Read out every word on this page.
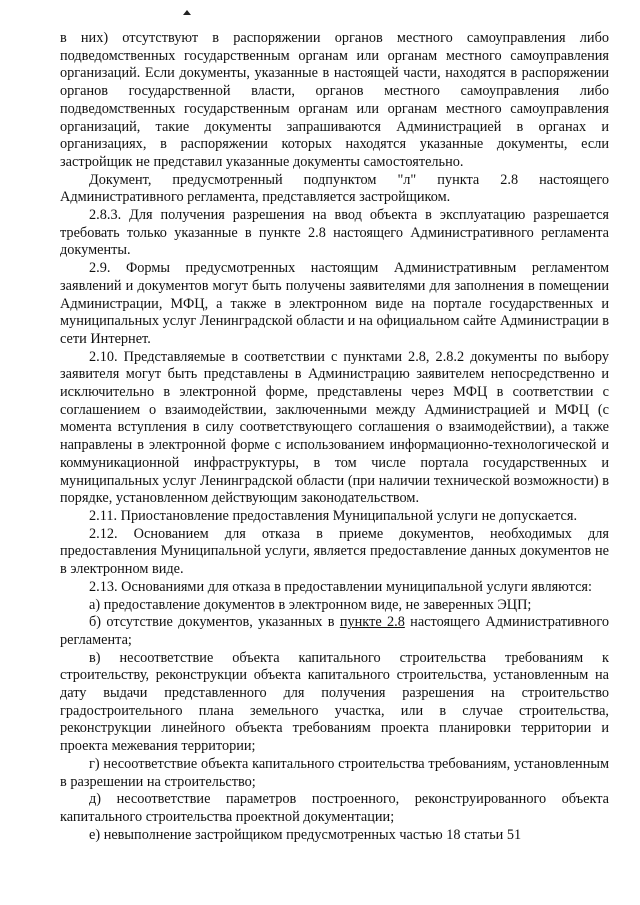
в них) отсутствуют в распоряжении органов местного самоуправления либо подведомственных государственным органам или органам местного самоуправления организаций. Если документы, указанные в настоящей части, находятся в распоряжении органов государственной власти, органов местного самоуправления либо подведомственных государственным органам или органам местного самоуправления организаций, такие документы запрашиваются Администрацией в органах и организациях, в распоряжении которых находятся указанные документы, если застройщик не представил указанные документы самостоятельно.

Документ, предусмотренный подпунктом "л" пункта 2.8 настоящего Административного регламента, представляется застройщиком.

2.8.3. Для получения разрешения на ввод объекта в эксплуатацию разрешается требовать только указанные в пункте 2.8 настоящего Административного регламента документы.

2.9. Формы предусмотренных настоящим Административным регламентом заявлений и документов могут быть получены заявителями для заполнения в помещении Администрации, МФЦ, а также в электронном виде на портале государственных и муниципальных услуг Ленинградской области и на официальном сайте Администрации в сети Интернет.

2.10. Представляемые в соответствии с пунктами 2.8, 2.8.2 документы по выбору заявителя могут быть представлены в Администрацию заявителем непосредственно и исключительно в электронной форме, представлены через МФЦ в соответствии с соглашением о взаимодействии, заключенными между Администрацией и МФЦ (с момента вступления в силу соответствующего соглашения о взаимодействии), а также направлены в электронной форме с использованием информационно-технологической и коммуникационной инфраструктуры, в том числе портала государственных и муниципальных услуг Ленинградской области (при наличии технической возможности) в порядке, установленном действующим законодательством.

2.11. Приостановление предоставления Муниципальной услуги не допускается.

2.12. Основанием для отказа в приеме документов, необходимых для предоставления Муниципальной услуги, является предоставление данных документов не в электронном виде.

2.13. Основаниями для отказа в предоставлении муниципальной услуги являются:

а) предоставление документов в электронном виде, не заверенных ЭЦП;

б) отсутствие документов, указанных в пункте 2.8 настоящего Административного регламента;

в) несоответствие объекта капитального строительства требованиям к строительству, реконструкции объекта капитального строительства, установленным на дату выдачи представленного для получения разрешения на строительство градостроительного плана земельного участка, или в случае строительства, реконструкции линейного объекта требованиям проекта планировки территории и проекта межевания территории;

г) несоответствие объекта капитального строительства требованиям, установленным в разрешении на строительство;

д) несоответствие параметров построенного, реконструированного объекта капитального строительства проектной документации;

е) невыполнение застройщиком предусмотренных частью 18 статьи 51
